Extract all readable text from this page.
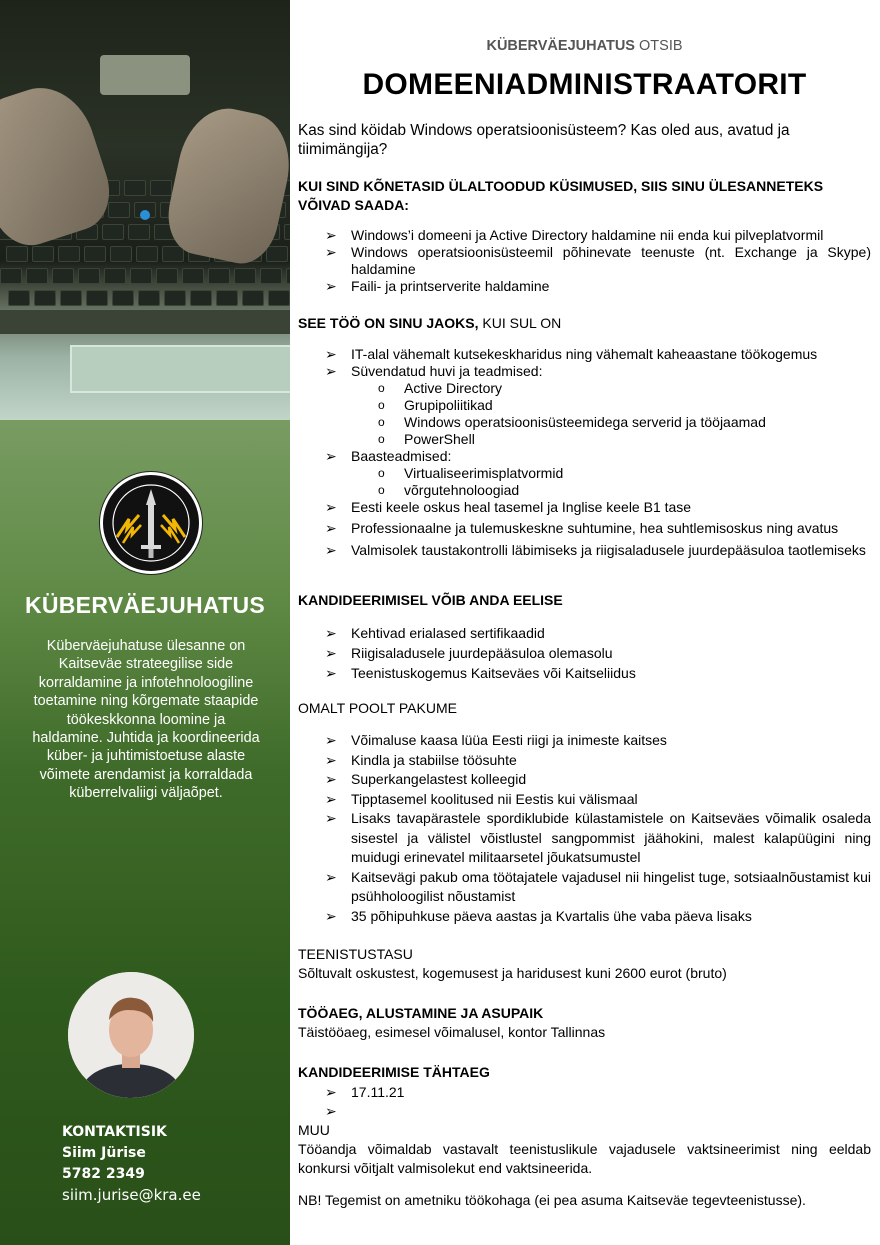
KÜBERVÄEJUHATUS
Küberväejuhatuse ülesanne on Kaitseväe strateegilise side korraldamine ja infotehnoloogiline toetamine ning kõrgemate staapide töökeskkonna loomine ja haldamine. Juhtida ja koordineerida küber- ja juhtimistoetuse alaste võimete arendamist ja korraldada küberrelvaliigi väljaõpet.
KONTAKTISIK
Siim Jürise
5782 2349
siim.jurise@kra.ee
KÜBERVÄEJUHATUS OTSIB
DOMEENIADMINISTRAATORIT
Kas sind köidab Windows operatsioonisüsteem? Kas oled aus, avatud ja tiimimängija?
KUI SIND KÕNETASID ÜLALTOODUD KÜSIMUSED, SIIS SINU ÜLESANNETEKS VÕIVAD SAADA:
➢ Windows’i domeeni ja Active Directory haldamine nii enda kui pilveplatvormil
➢ Windows operatsioonisüsteemil põhinevate teenuste (nt. Exchange ja Skype) haldamine
➢ Faili- ja printserverite haldamine
SEE TÖÖ ON SINU JAOKS, KUI SUL ON
➢ IT-alal vähemalt kutsekeskharidus ning vähemalt kaheaastane töökogemus
➢ Süvendatud huvi ja teadmised:
o Active Directory
o Grupipoliitikad
o Windows operatsioonisüsteemidega serverid ja tööjaamad
o PowerShell
➢ Baasteadmised:
o Virtualiseerimisplatvormid
o võrgutehnoloogiad
➢ Eesti keele oskus heal tasemel ja Inglise keele B1 tase
➢ Professionaalne ja tulemuskeskne suhtumine, hea suhtlemisoskus ning avatus
➢ Valmisolek taustakontrolli läbimiseks ja riigisaladusele juurdepääsuloa taotlemiseks
KANDIDEERIMISEL VÕIB ANDA EELISE
➢ Kehtivad erialased sertifikaadid
➢ Riigisaladusele juurdepääsuloa olemasolu
➢ Teenistuskogemus Kaitseväes või Kaitseliidus
OMALT POOLT PAKUME
➢ Võimaluse kaasa lüüa Eesti riigi ja inimeste kaitses
➢ Kindla ja stabiilse töösuhte
➢ Superkangelastest kolleegid
➢ Tipptasemel koolitused nii Eestis kui välismaal
➢ Lisaks tavapärastele spordiklubide külastamistele on Kaitseväes võimalik osaleda sisestel ja välistel võistlustel sangpommist jäähokini, malest kalapüügini ning muidugi erinevatel militaarsetel jõukatsumustel
➢ Kaitsevägi pakub oma töötajatele vajadusel nii hingelist tuge, sotsiaalnõustamist kui psühholoogilist nõustamist
➢ 35 põhipuhkuse päeva aastas ja Kvartalis ühe vaba päeva lisaks
TEENISTUSTASU
Sõltuvalt oskustest, kogemusest ja haridusest kuni 2600 eurot (bruto)
TÖÖAEG, ALUSTAMINE JA ASUPAIK
Täistööaeg, esimesel võimalusel, kontor Tallinnas
KANDIDEERIMISE TÄHTAEG
➢ 17.11.21
➢
MUU
Tööandja võimaldab vastavalt teenistuslikule vajadusele vaktsineerimist ning eeldab konkursi võitjalt valmisolekut end vaktsineerida.
NB! Tegemist on ametniku töökohaga (ei pea asuma Kaitseväe tegevteenistusse).
